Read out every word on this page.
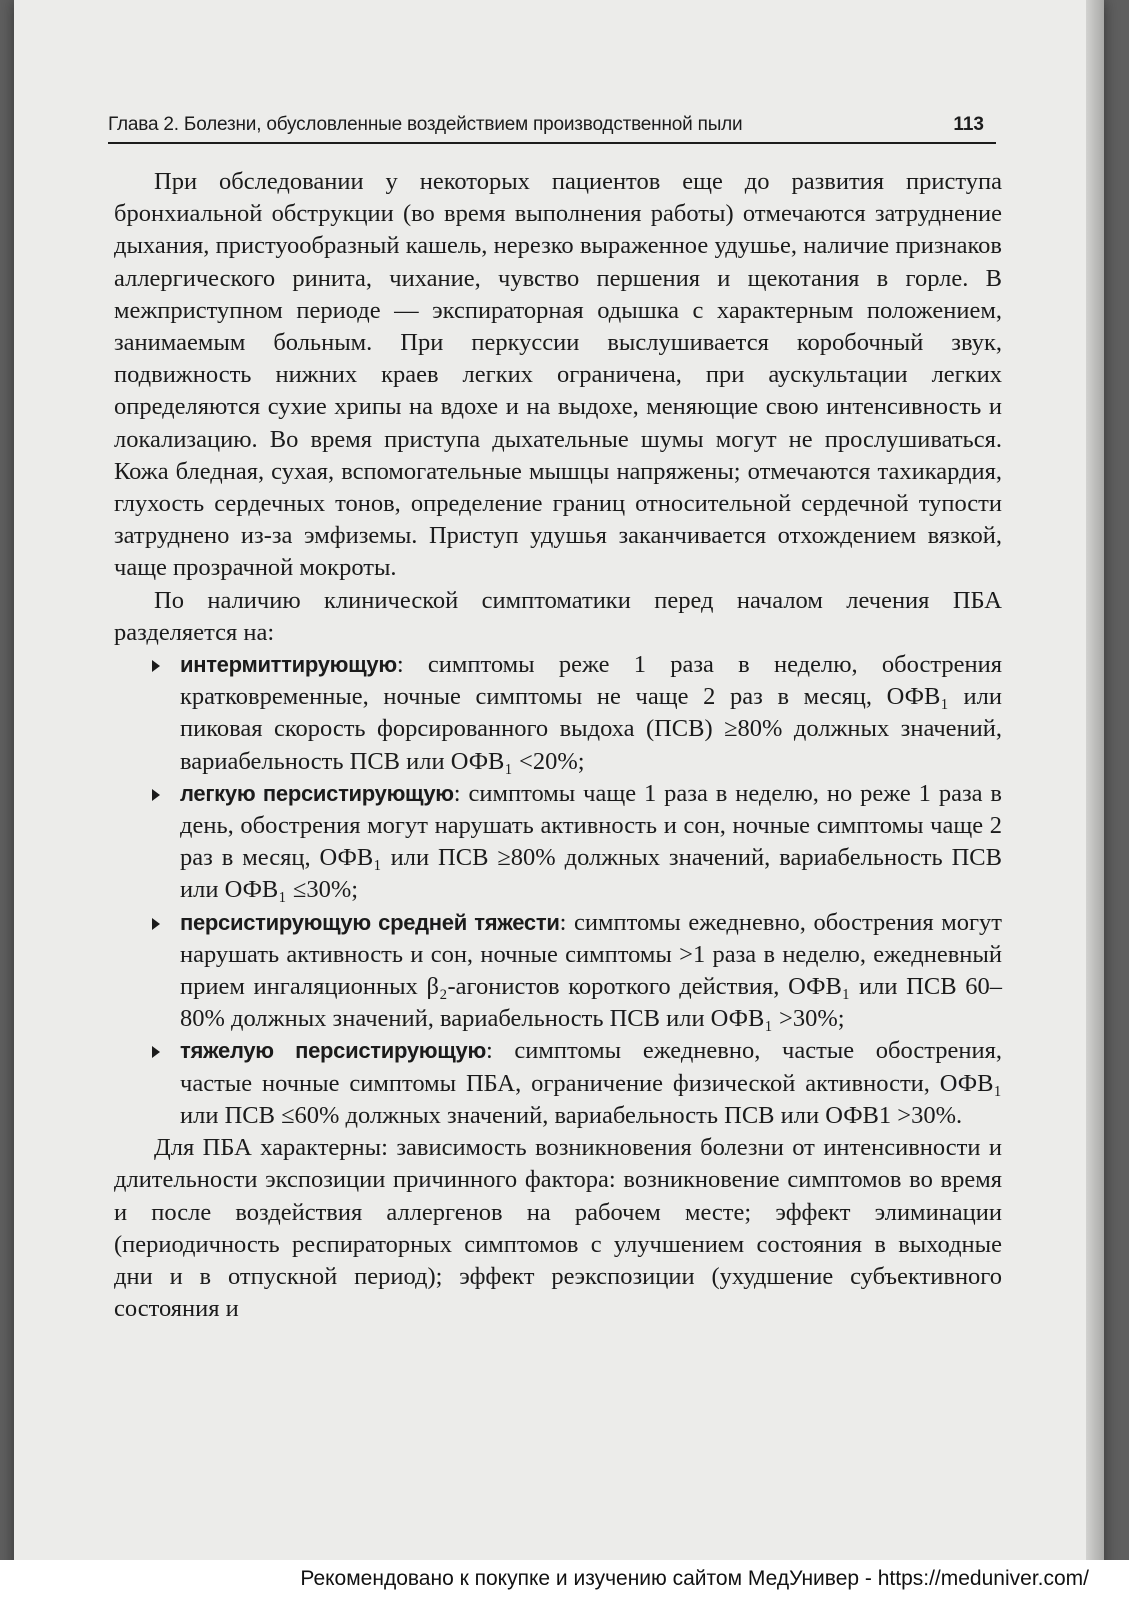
Глава 2. Болезни, обусловленные воздействием производственной пыли	113

При обследовании у некоторых пациентов еще до развития приступа бронхиальной обструкции (во время выполнения работы) отмечаются затруднение дыхания, пристуообразный кашель, нерезко выраженное удушье, наличие признаков аллергического ринита, чихание, чувство першения и щекотания в горле. В межприступном периоде — экспираторная одышка с характерным положением, занимаемым больным. При перкуссии выслушивается коробочный звук, подвижность нижних краев легких ограничена, при аускультации легких определяются сухие хрипы на вдохе и на выдохе, меняющие свою интенсивность и локализацию. Во время приступа дыхательные шумы могут не прослушиваться. Кожа бледная, сухая, вспомогательные мышцы напряжены; отмечаются тахикардия, глухость сердечных тонов, определение границ относительной сердечной тупости затруднено из-за эмфиземы. Приступ удушья заканчивается отхождением вязкой, чаще прозрачной мокроты.

По наличию клинической симптоматики перед началом лечения ПБА разделяется на:

интермиттирующую: симптомы реже 1 раза в неделю, обострения кратковременные, ночные симптомы не чаще 2 раз в месяц, ОФВ₁ или пиковая скорость форсированного выдоха (ПСВ) ≥80% должных значений, вариабельность ПСВ или ОФВ₁ <20%;
легкую персистирующую: симптомы чаще 1 раза в неделю, но реже 1 раза в день, обострения могут нарушать активность и сон, ночные симптомы чаще 2 раз в месяц, ОФВ₁ или ПСВ ≥80% должных значений, вариабельность ПСВ или ОФВ₁ ≤30%;
персистирующую средней тяжести: симптомы ежедневно, обострения могут нарушать активность и сон, ночные симптомы >1 раза в неделю, ежедневный прием ингаляционных β₂-агонистов короткого действия, ОФВ₁ или ПСВ 60–80% должных значений, вариабельность ПСВ или ОФВ₁ >30%;
тяжелую персистирующую: симптомы ежедневно, частые обострения, частые ночные симптомы ПБА, ограничение физической активности, ОФВ₁ или ПСВ ≤60% должных значений, вариабельность ПСВ или ОФВ1 >30%.

Для ПБА характерны: зависимость возникновения болезни от интенсивности и длительности экспозиции причинного фактора: возникновение симптомов во время и после воздействия аллергенов на рабочем месте; эффект элиминации (периодичность респираторных симптомов с улучшением состояния в выходные дни и в отпускной период); эффект реэкспозиции (ухудшение субъективного состояния и

Рекомендовано к покупке и изучению сайтом МедУнивер - https://meduniver.com/
